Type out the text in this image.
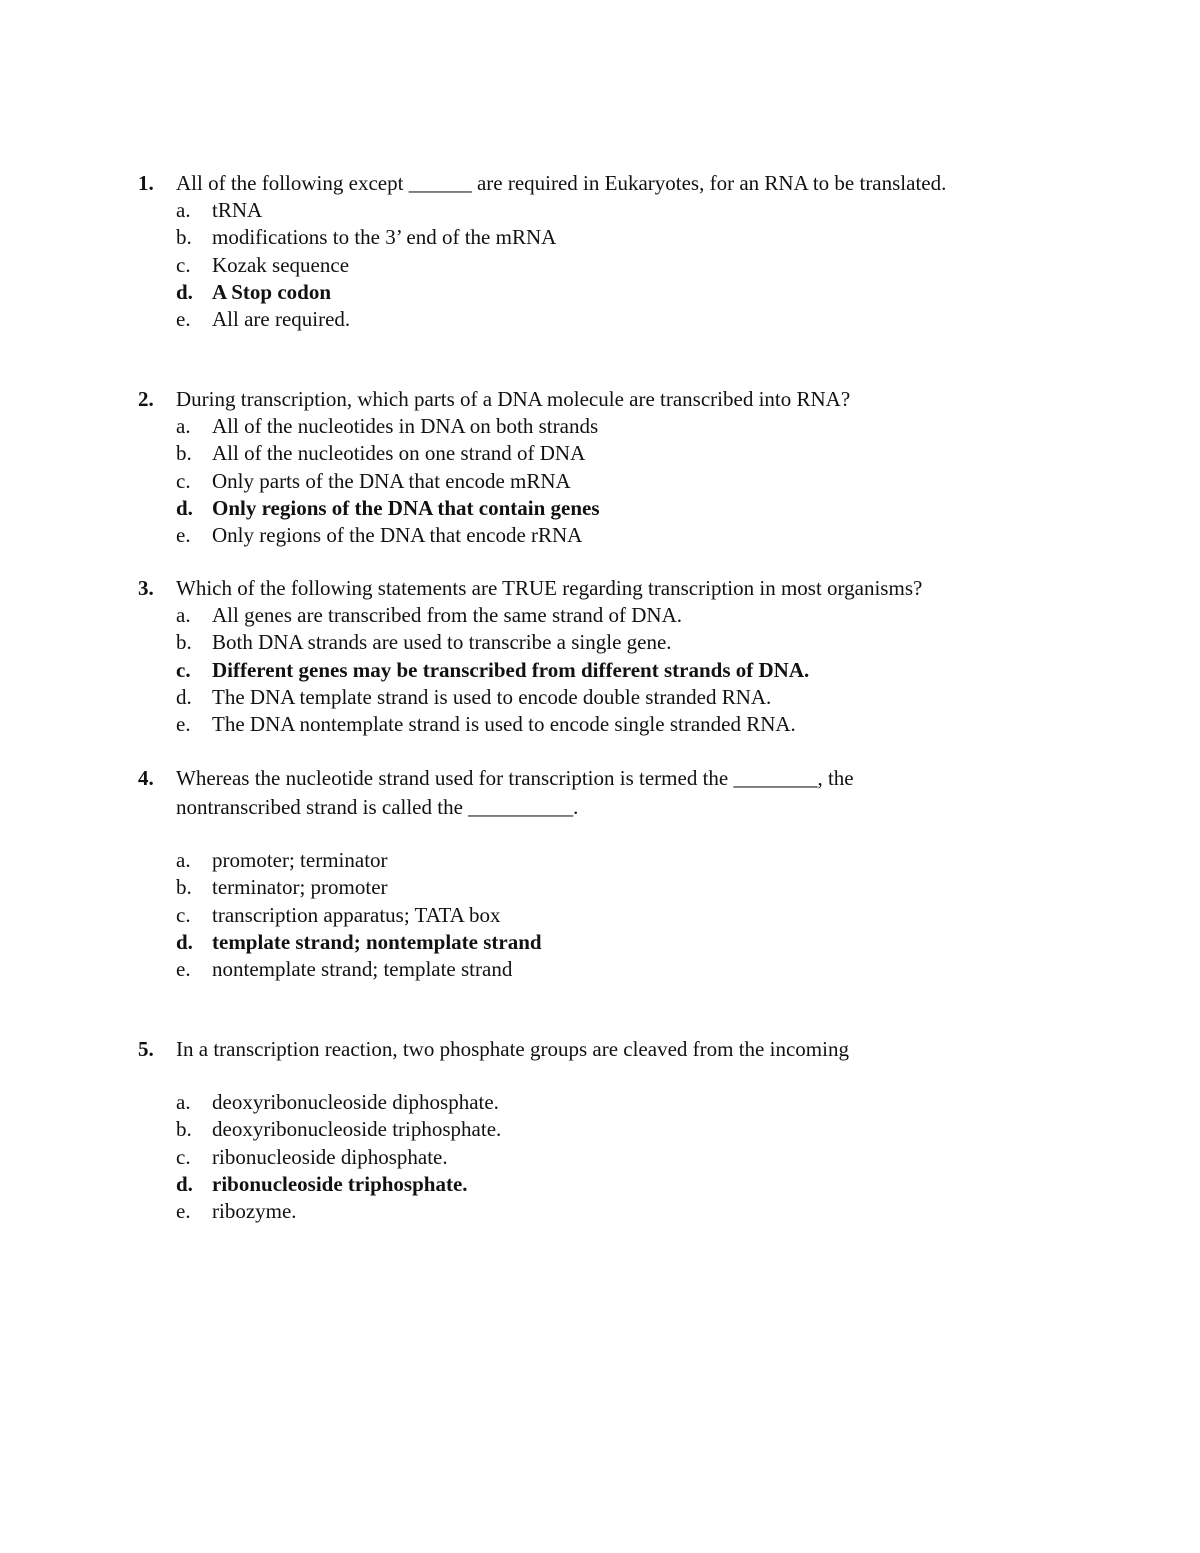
1.	All of the following except ______ are required in Eukaryotes, for an RNA to be translated.
a. tRNA
b. modifications to the 3’ end of the mRNA
c. Kozak sequence
d. A Stop codon
e. All are required.
2.	During transcription, which parts of a DNA molecule are transcribed into RNA?
a. All of the nucleotides in DNA on both strands
b. All of the nucleotides on one strand of DNA
c. Only parts of the DNA that encode mRNA
d. Only regions of the DNA that contain genes
e. Only regions of the DNA that encode rRNA
3.	Which of the following statements are TRUE regarding transcription in most organisms?
a. All genes are transcribed from the same strand of DNA.
b. Both DNA strands are used to transcribe a single gene.
c. Different genes may be transcribed from different strands of DNA.
d. The DNA template strand is used to encode double stranded RNA.
e. The DNA nontemplate strand is used to encode single stranded RNA.
4.	Whereas the nucleotide strand used for transcription is termed the ________, the
nontranscribed strand is called the __________.
a. promoter; terminator
b. terminator; promoter
c. transcription apparatus; TATA box
d. template strand; nontemplate strand
e. nontemplate strand; template strand
5.	In a transcription reaction, two phosphate groups are cleaved from the incoming
a. deoxyribonucleoside diphosphate.
b. deoxyribonucleoside triphosphate.
c. ribonucleoside diphosphate.
d. ribonucleoside triphosphate.
e. ribozyme.
